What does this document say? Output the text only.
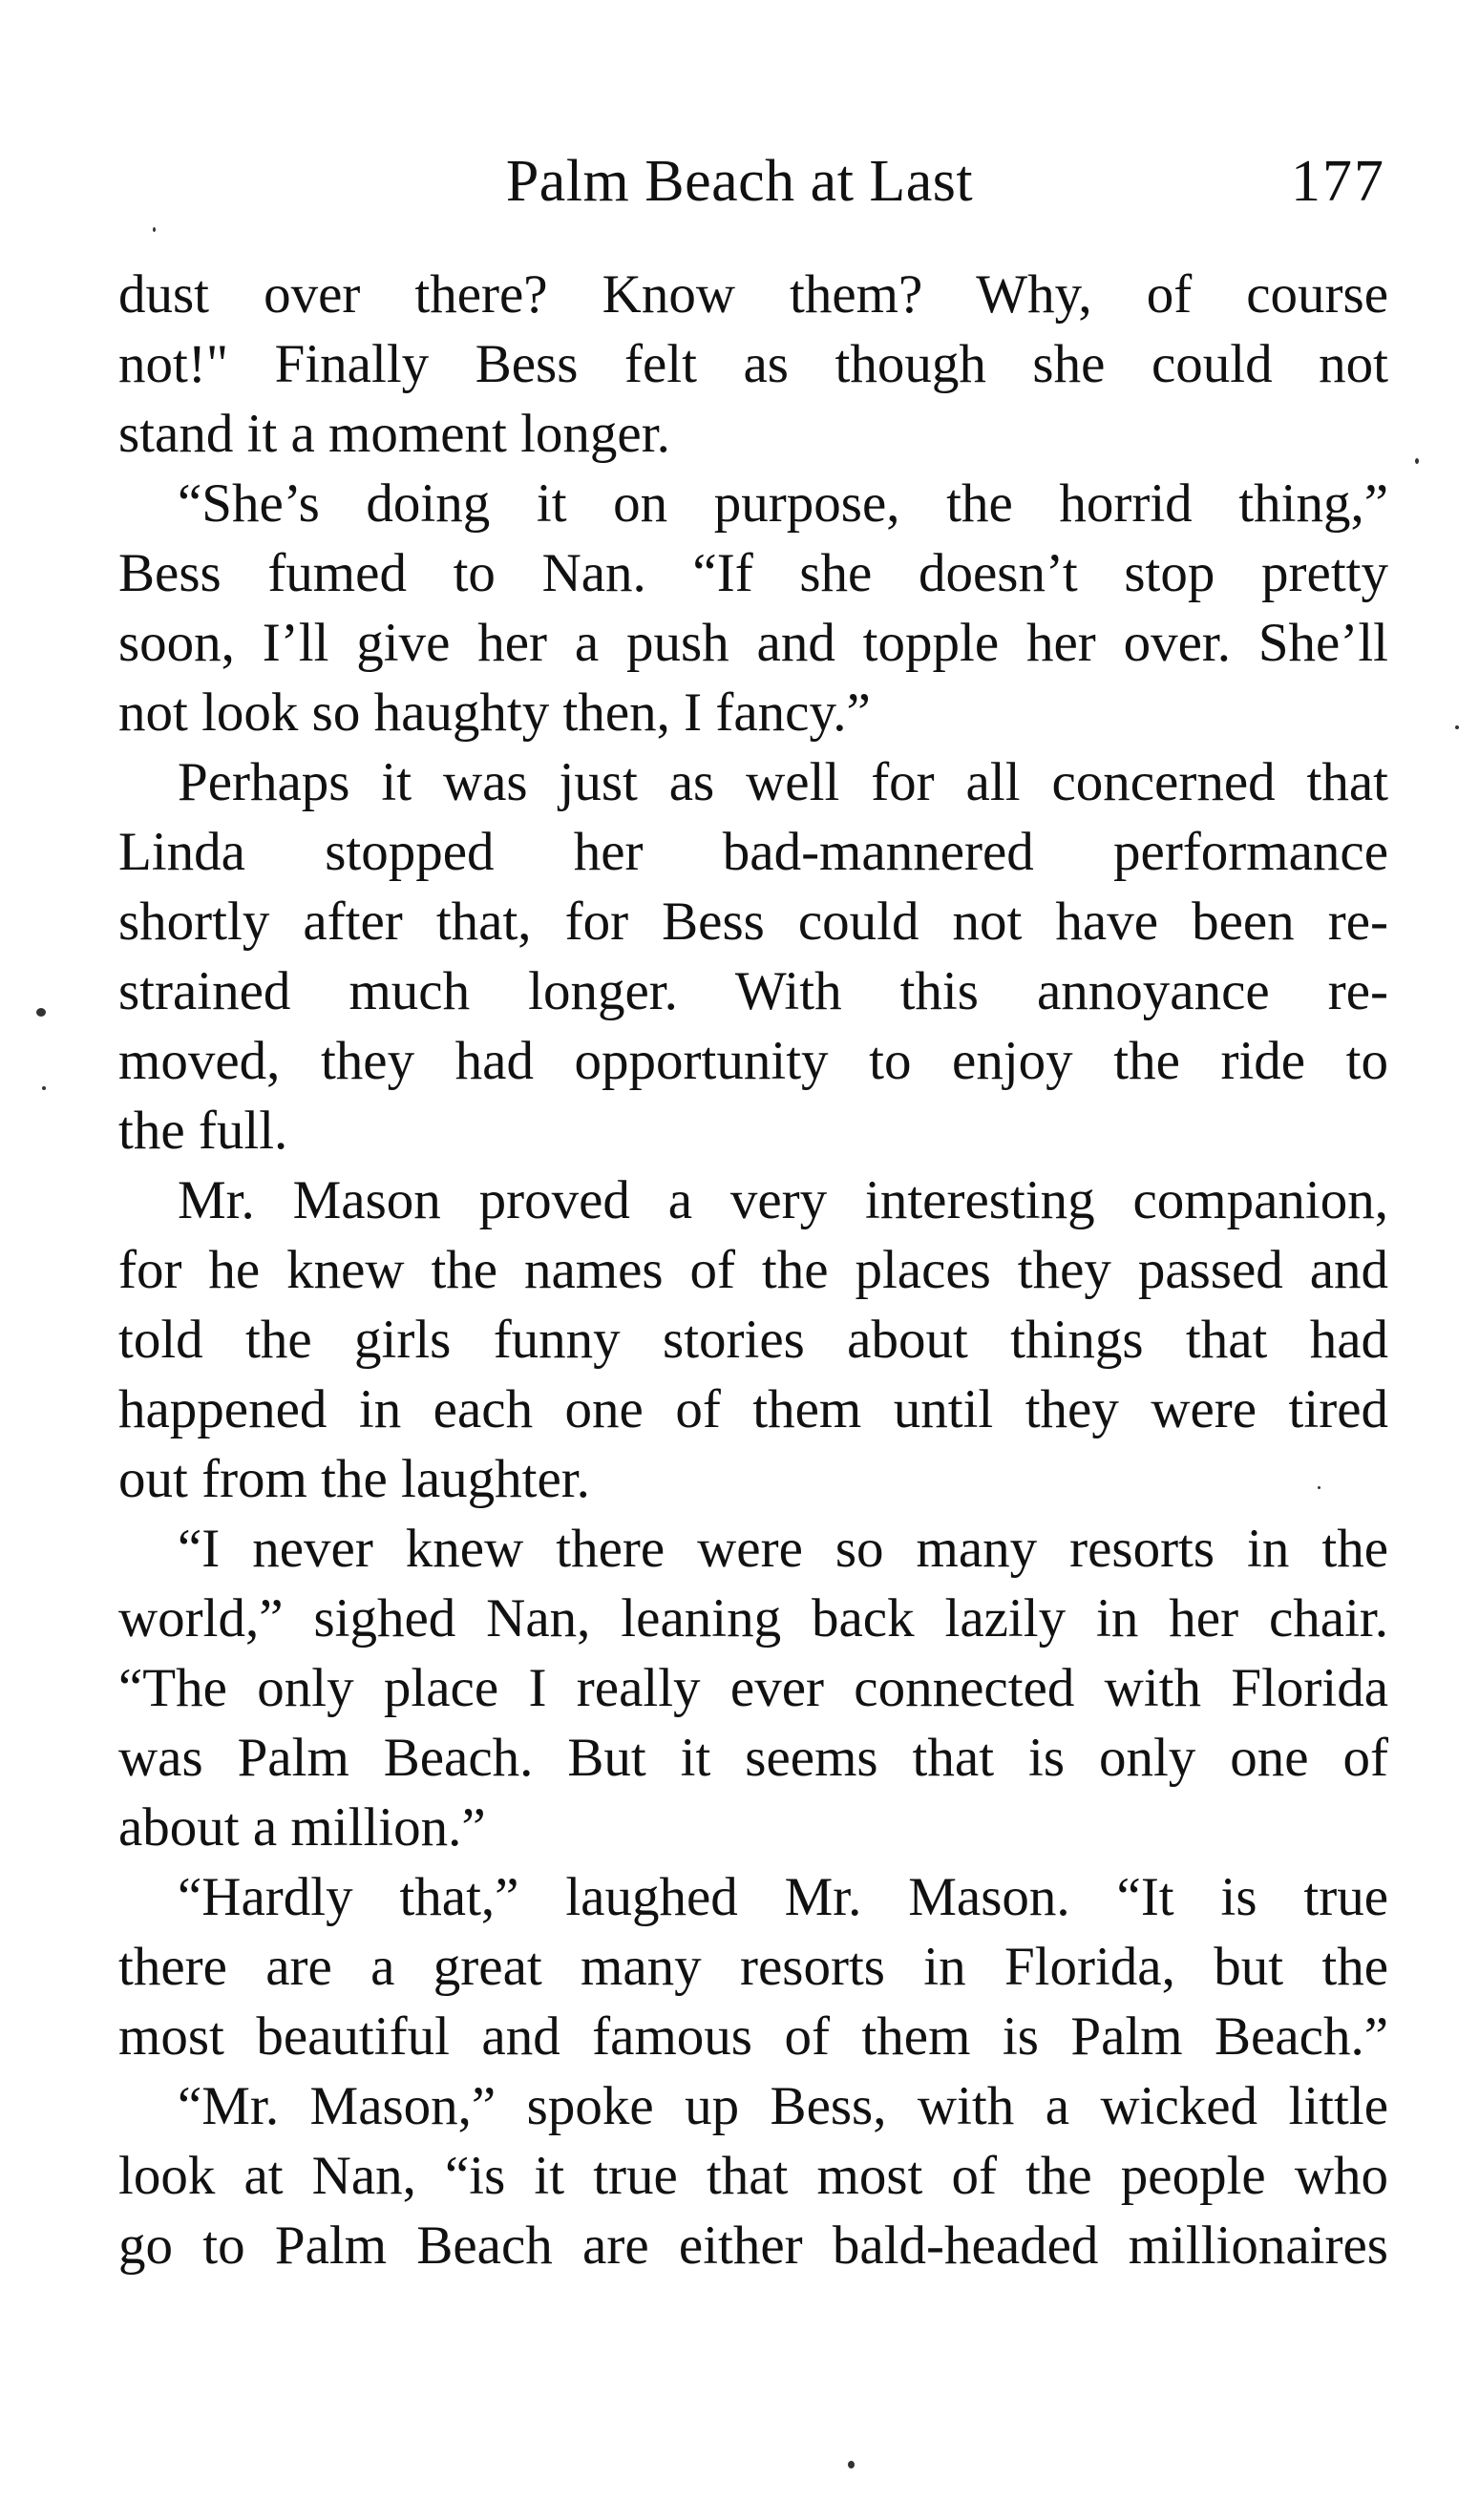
Palm Beach at Last	177
dust over there? Know them? Why, of course
not!" Finally Bess felt as though she could not
stand it a moment longer.
“She’s doing it on purpose, the horrid thing,”
Bess fumed to Nan. “If she doesn’t stop pretty
soon, I’ll give her a push and topple her over. She’ll
not look so haughty then, I fancy.”
Perhaps it was just as well for all concerned that
Linda stopped her bad-mannered performance
shortly after that, for Bess could not have been re-
strained much longer. With this annoyance re-
moved, they had opportunity to enjoy the ride to
the full.
Mr. Mason proved a very interesting companion,
for he knew the names of the places they passed and
told the girls funny stories about things that had
happened in each one of them until they were tired
out from the laughter.
“I never knew there were so many resorts in the
world,” sighed Nan, leaning back lazily in her chair.
“The only place I really ever connected with Florida
was Palm Beach. But it seems that is only one of
about a million.”
“Hardly that,” laughed Mr. Mason. “It is true
there are a great many resorts in Florida, but the
most beautiful and famous of them is Palm Beach.”
“Mr. Mason,” spoke up Bess, with a wicked little
look at Nan, “is it true that most of the people who
go to Palm Beach are either bald-headed millionaires
